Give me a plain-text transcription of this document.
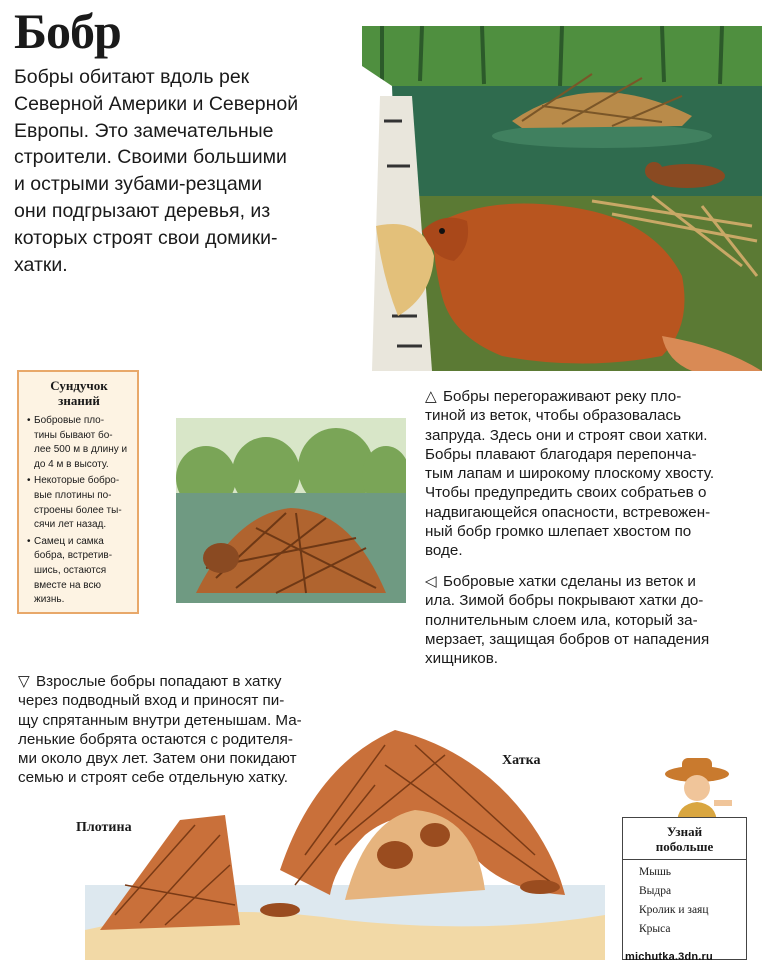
Бобр
Бобры обитают вдоль рек
Северной Америки и Северной
Европы. Это замечательные
строители. Своими большими
и острыми зубами-резцами
они подгрызают деревья, из
которых строят свои домики-
хатки.
Сундучок
знаний
• Бобровые пло-
тины бывают бо-
лее 500 м в длину и
до 4 м в высоту.
• Некоторые бобро-
вые плотины по-
строены более ты-
сячи лет назад.
• Самец и самка
бобра, встретив-
шись, остаются
вместе на всю
жизнь.

△ Бобры перегораживают реку пло-
тиной из веток, чтобы образовалась
запруда. Здесь они и строят свои хатки.
Бобры плавают благодаря перепонча-
тым лапам и широкому плоскому хвосту.
Чтобы предупредить своих собратьев о
надвигающейся опасности, встревожен-
ный бобр громко шлепает хвостом по
воде.

◁ Бобровые хатки сделаны из веток и
ила. Зимой бобры покрывают хатки до-
полнительным слоем ила, который за-
мерзает, защищая бобров от нападения
хищников.

▽ Взрослые бобры попадают в хатку
через подводный вход и приносят пи-
щу спрятанным внутри детенышам. Ма-
ленькие бобрята остаются с родителя-
ми около двух лет. Затем они покидают
семью и строят себе отдельную хатку.

Плотина
Хатка
Узнай
побольше
Мышь
Выдра
Кролик и заяц
Крыса
michutka.3dn.ru
